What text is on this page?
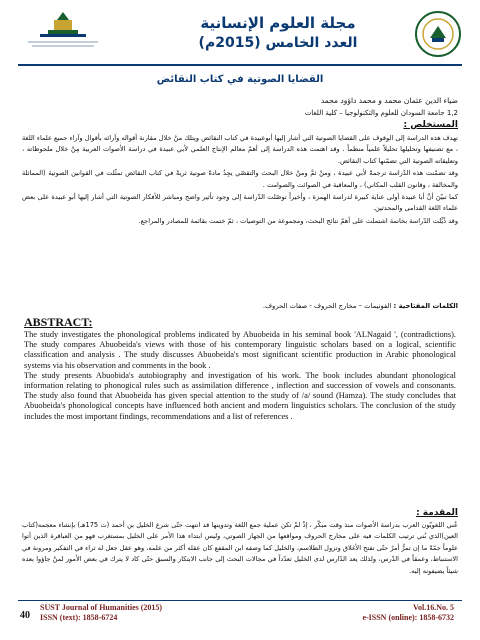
مجلة العلوم الإنسانية
العدد الخامس (2015م)
القضايا الصوتية في كتاب النقائض
ضياء الدين عثمان محمد و محمد داؤود محمد
1,2 جامعة السودان للعلوم والتكنولوجيا – كلية اللغات
المستخلص :

تهدف هذه الدراسة إلى الوقوف على القضايا الصوتية التي أشار إليها أبوعبيدة في كتاب النقائض ويتلك منْ خلال مقارنة أقواله وآرائه بأقوال وآراء جميع علماء اللغة ، مع تصنيفها وتحليلها تحليلاً علمياً منظماً . وقد اهتمت هذه الدراسة إلى أهمّ معالم الإنتاج العلمي لأبي عبيدة في دراسة الأصوات العربية مِنْ خلال ملحوظاته ، وتعليقاته الصوتية التي تضمّنها كتاب النقائض.

وقد تضمّنت هذه الدّراسة ترجمةً لأبي عبيدة ، ومنْ ثمَّ ومنْ خلال البحث والتقصّي يجِدُ مادةً صوتية ثريةً في كتاب النقائض تمثّلت في القوانين الصوتية (المماثلة والمخالفة ، وقانون القلب المكاني) ، والمعاقبة في الصوائت والصوامت .

كما تبيّنَ أنَّ أبا عبيدة أولى عناية كبيرة لدراسة الهمزة ، وأخيراً توصّلت الدّراسة إلى وجود تأثير واضح ومباشر للأفكار الصوتية التي أشار إليها أبو عبيدة على بعض علماء اللغة القدامى والمحدثين.

وقد ذُيِّلت الدّراسة بخاتمة اشتملت على أهمّ نتائج البحث، ومجموعة من التوصيات ، ثمّ ختمت بقائمة للمصادر والمراجع.

الكلمات المفتاحية : الفونيمات – مخارج الحروف - صفات الحروف.
ABSTRACT:

The study investigates the phonological problems indicated by Abuobeida in his seminal book 'ALNagaid ', (contradictions). The study compares Abuobeida's views with those of his contemporary linguistic scholars based on a logical, scientific classification and analysis . The study discusses Abuobeida's most significant scientific production in Arabic phonological systems via his observation and comments in the book .

The study presents Abuobida's autobiography and investigation of his work. The book includes abundant phonological information relating to phonogical rules such as assimilation difference , inflection and succession of vowels and consonants. The study also found that Abuobeida has given special attention to the study of /a/ sound (Hamza). The study concludes that Abuobeida's phonological concepts have influenced both ancient and modern linguistics scholars. The conclusion of the study includes the most important findings, recommendations and a list of references .

المقدمة :

عُني اللغويّون العرب بدراسة الأصوات منذ وقت مبكّر ، إذْ لمْ تكن عملية جمع اللغة وتدوينها قد انتهت حتّى شرع الخليل بن أحمد (ت 175هـ) بإنشاء معجمه(كتاب العين)الذي بُني ترتيب الكلمات فيه على مخارج الحروف ومواقعها من الجهاز الصوتي، وليس ابتداء هذا الأمر على الخليل بمستغرب فهو من العباقرة الذين أتوا علوماً جمّةً ما إن تمرُّ أمرٌ حتّى تفتح الأغلاق وتزول الطلاسم، والخليل كما وصفه ابن المقفع كان عقله أكثر من علمه، وهو عقل جعل له ثراء في التفكير ومرونة في الاستنباط، وعمقاً في الدّرس، ولذلك يعد الدّارس لدى الخليل تعدّداً في مجالات البحث إلى جانب الابتكار والسبق حتّى كاد لا يترك في بعض الأمور لمنْ جاؤوا بعده شيئاً يضيفونه إليه.

40
SUST Journal of Humanities (2015)
ISSN (text): 1858-6724
Vol.16.No. 5
e-ISSN (online): 1858-6732
